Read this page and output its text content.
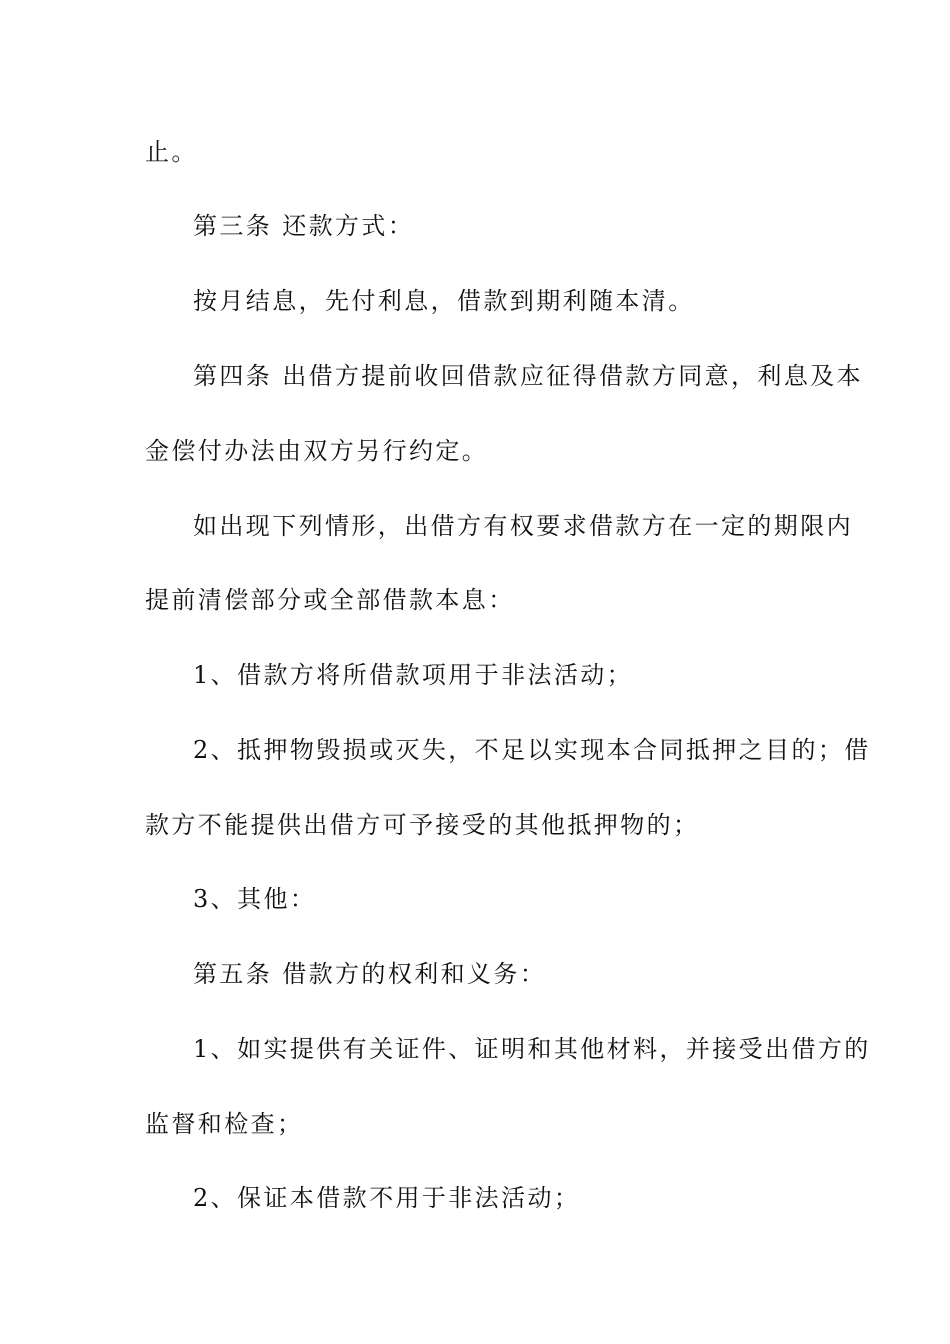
止。
第三条 还款方式：
按月结息，先付利息，借款到期利随本清。
第四条 出借方提前收回借款应征得借款方同意，利息及本
金偿付办法由双方另行约定。
如出现下列情形，出借方有权要求借款方在一定的期限内
提前清偿部分或全部借款本息：
1、借款方将所借款项用于非法活动；
2、抵押物毁损或灭失，不足以实现本合同抵押之目的；借
款方不能提供出借方可予接受的其他抵押物的；
3、其他：
第五条 借款方的权利和义务：
1、如实提供有关证件、证明和其他材料，并接受出借方的
监督和检查；
2、保证本借款不用于非法活动；
